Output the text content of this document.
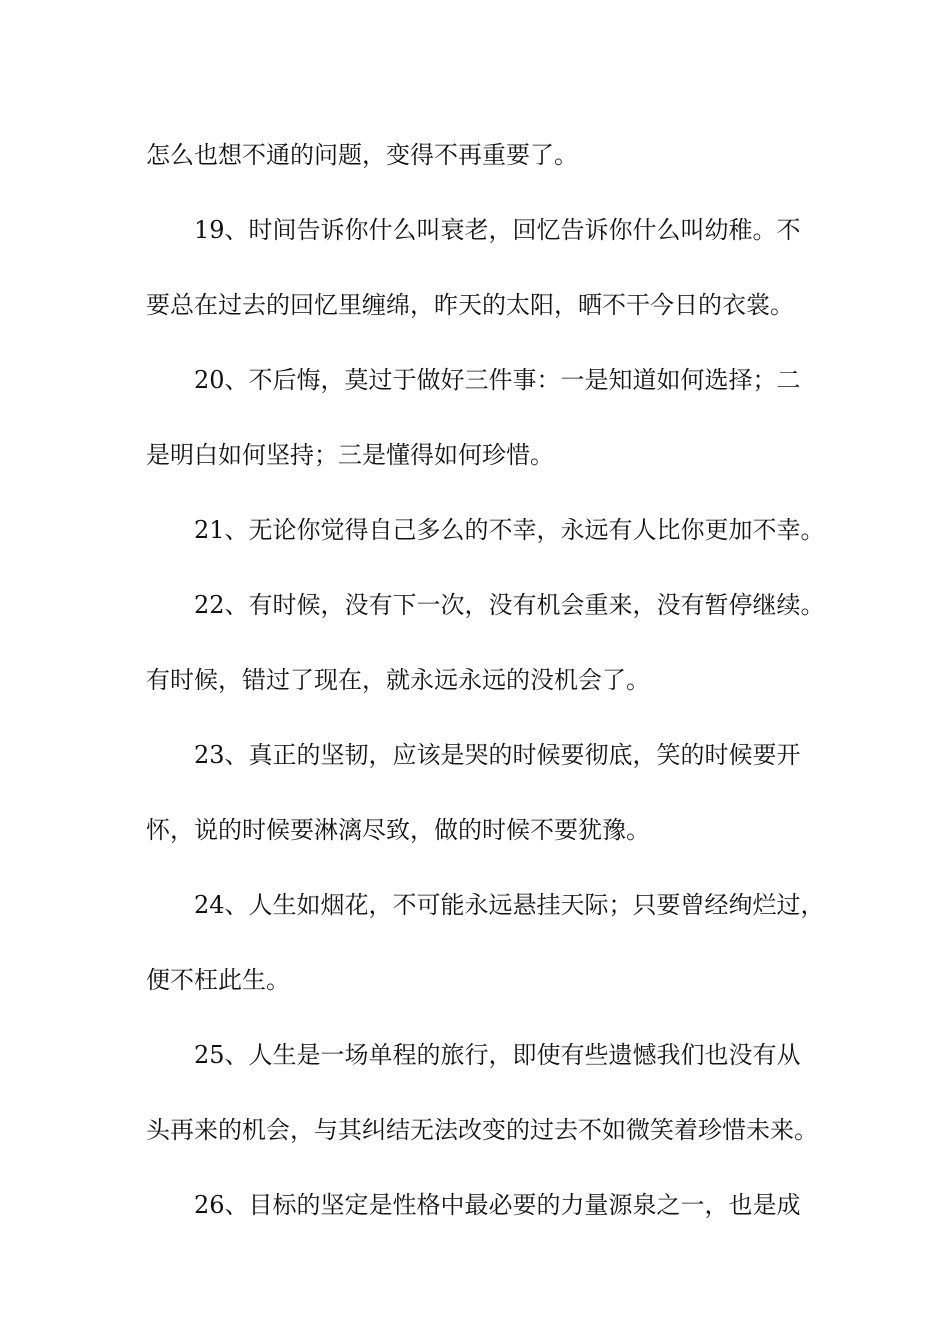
怎么也想不通的问题，变得不再重要了。
19、时间告诉你什么叫衰老，回忆告诉你什么叫幼稚。不
要总在过去的回忆里缠绵，昨天的太阳，晒不干今日的衣裳。
20、不后悔，莫过于做好三件事：一是知道如何选择；二
是明白如何坚持；三是懂得如何珍惜。
21、无论你觉得自己多么的不幸，永远有人比你更加不幸。
22、有时候，没有下一次，没有机会重来，没有暂停继续。
有时候，错过了现在，就永远永远的没机会了。
23、真正的坚韧，应该是哭的时候要彻底，笑的时候要开
怀，说的时候要淋漓尽致，做的时候不要犹豫。
24、人生如烟花，不可能永远悬挂天际；只要曾经绚烂过，
便不枉此生。
25、人生是一场单程的旅行，即使有些遗憾我们也没有从
头再来的机会，与其纠结无法改变的过去不如微笑着珍惜未来。
26、目标的坚定是性格中最必要的力量源泉之一，也是成
